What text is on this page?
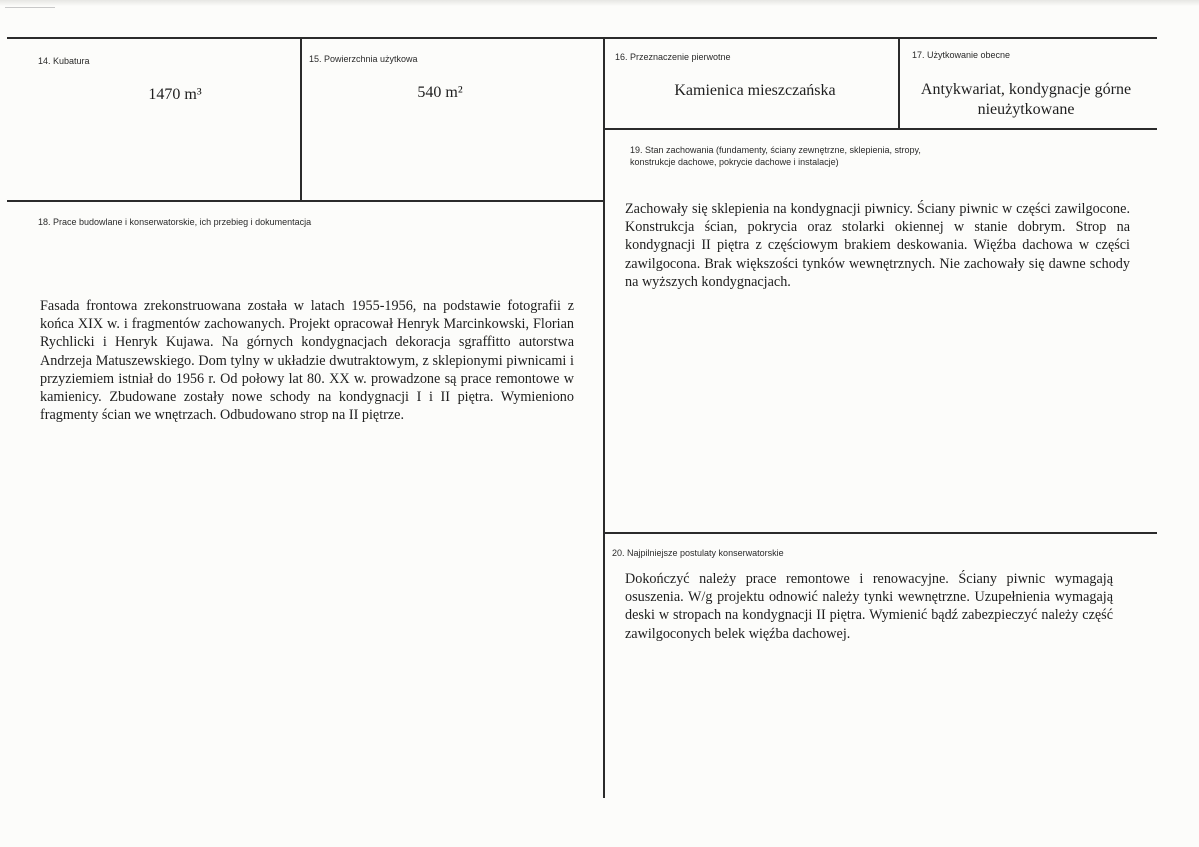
14. Kubatura
1470 m³
15. Powierzchnia użytkowa
540 m²
16. Przeznaczenie pierwotne
Kamienica mieszczańska
17. Użytkowanie obecne
Antykwariat, kondygnacje górne nieużytkowane
19. Stan zachowania (fundamenty, ściany zewnętrzne, sklepienia, stropy, konstrukcje dachowe, pokrycie dachowe i instalacje)
Zachowały się sklepienia na kondygnacji piwnicy. Ściany piwnic w części zawilgocone. Konstrukcja ścian, pokrycia oraz stolarki okiennej w stanie dobrym. Strop na kondygnacji II piętra z częściowym brakiem deskowania. Więźba dachowa w części zawilgocona. Brak większości tynków wewnętrznych. Nie zachowały się dawne schody na wyższych kondygnacjach.
18. Prace budowlane i konserwatorskie, ich przebieg i dokumentacja
Fasada frontowa zrekonstruowana została w latach 1955-1956, na podstawie fotografii z końca XIX w. i fragmentów zachowanych. Projekt opracował Henryk Marcinkowski, Florian Rychlicki i Henryk Kujawa. Na górnych kondygnacjach dekoracja sgraffitto autorstwa Andrzeja Matuszewskiego. Dom tylny w układzie dwutraktowym, z sklepionymi piwnicami i przyziemiem istniał do 1956 r. Od połowy lat 80. XX w. prowadzone są prace remontowe w kamienicy. Zbudowane zostały nowe schody na kondygnacji I i II piętra. Wymieniono fragmenty ścian we wnętrzach. Odbudowano strop na II piętrze.
20. Najpilniejsze postulaty konserwatorskie
Dokończyć należy prace remontowe i renowacyjne. Ściany piwnic wymagają osuszenia. W/g projektu odnowić należy tynki wewnętrzne. Uzupełnienia wymagają deski w stropach na kondygnacji II piętra. Wymienić bądź zabezpieczyć należy część zawilgoconych belek więźba dachowej.
